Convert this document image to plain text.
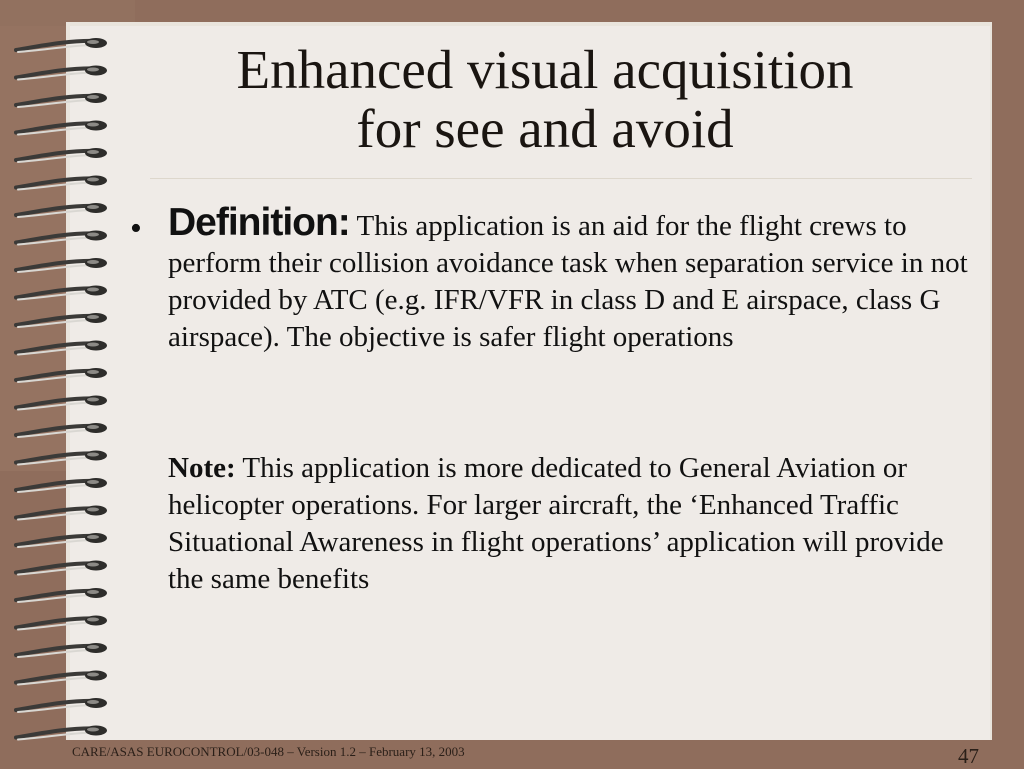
Enhanced visual acquisition
for see and avoid
• Definition: This application is an aid for the flight crews to perform their collision avoidance task when separation service in not provided by ATC (e.g. IFR/VFR in class D and E airspace, class G airspace). The objective is safer flight operations
Note: This application is more dedicated to General Aviation or helicopter operations. For larger aircraft, the ‘Enhanced Traffic Situational Awareness in flight operations’ application will provide the same benefits
CARE/ASAS EUROCONTROL/03-048 – Version 1.2 – February 13, 2003	47
